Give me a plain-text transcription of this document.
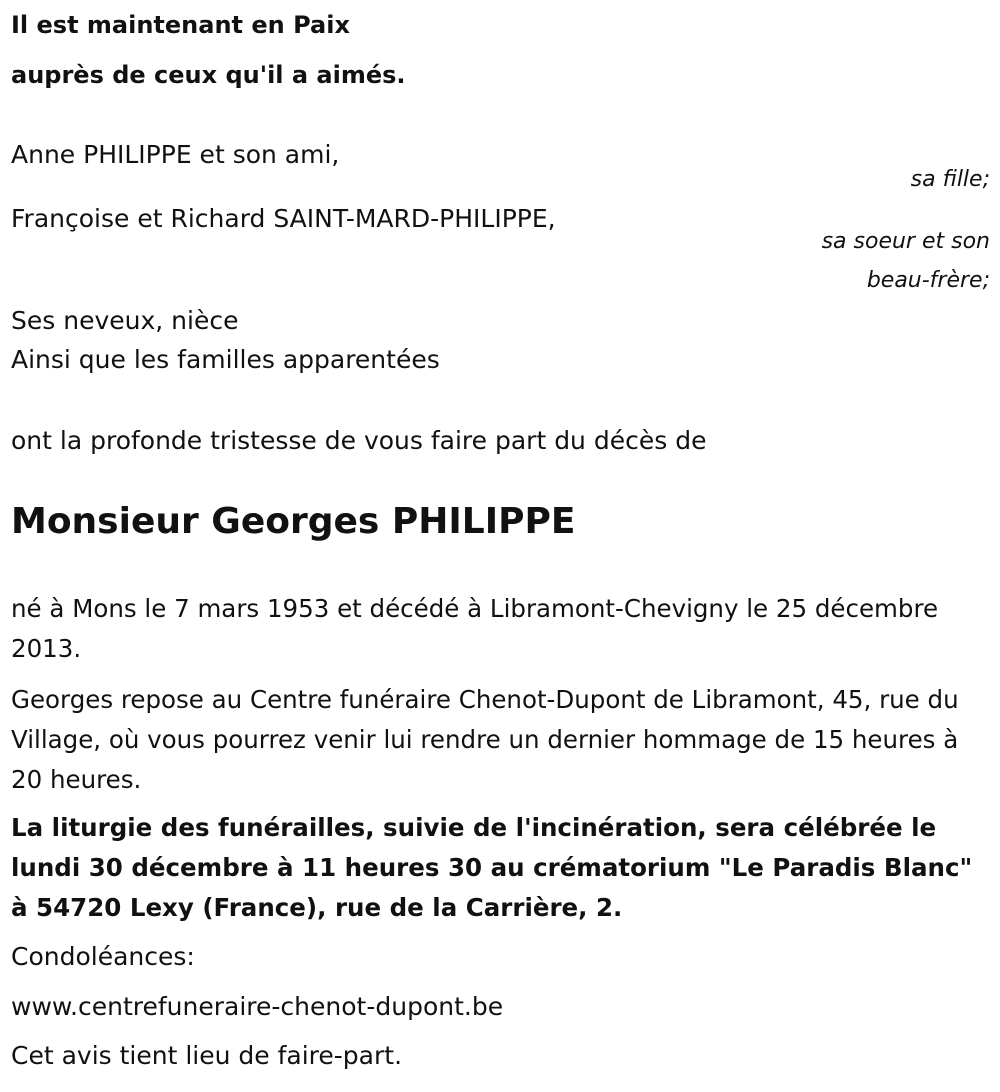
Il est maintenant en Paix

auprès de ceux qu'il a aimés.

Anne PHILIPPE et son ami,

sa fille;

Françoise et Richard SAINT-MARD-PHILIPPE,

sa soeur et son

beau-frère;

Ses neveux, nièce

Ainsi que les familles apparentées

ont la profonde tristesse de vous faire part du décès de

Monsieur Georges PHILIPPE

né à Mons le 7 mars 1953 et décédé à Libramont-Chevigny le 25 décembre 2013.

Georges repose au Centre funéraire Chenot-Dupont de Libramont, 45, rue du Village, où vous pourrez venir lui rendre un dernier hommage de 15 heures à 20 heures.

La liturgie des funérailles, suivie de l'incinération, sera célébrée le lundi 30 décembre à 11 heures 30 au crématorium "Le Paradis Blanc" à 54720 Lexy (France), rue de la Carrière, 2.

Condoléances:

www.centrefuneraire-chenot-dupont.be

Cet avis tient lieu de faire-part.
